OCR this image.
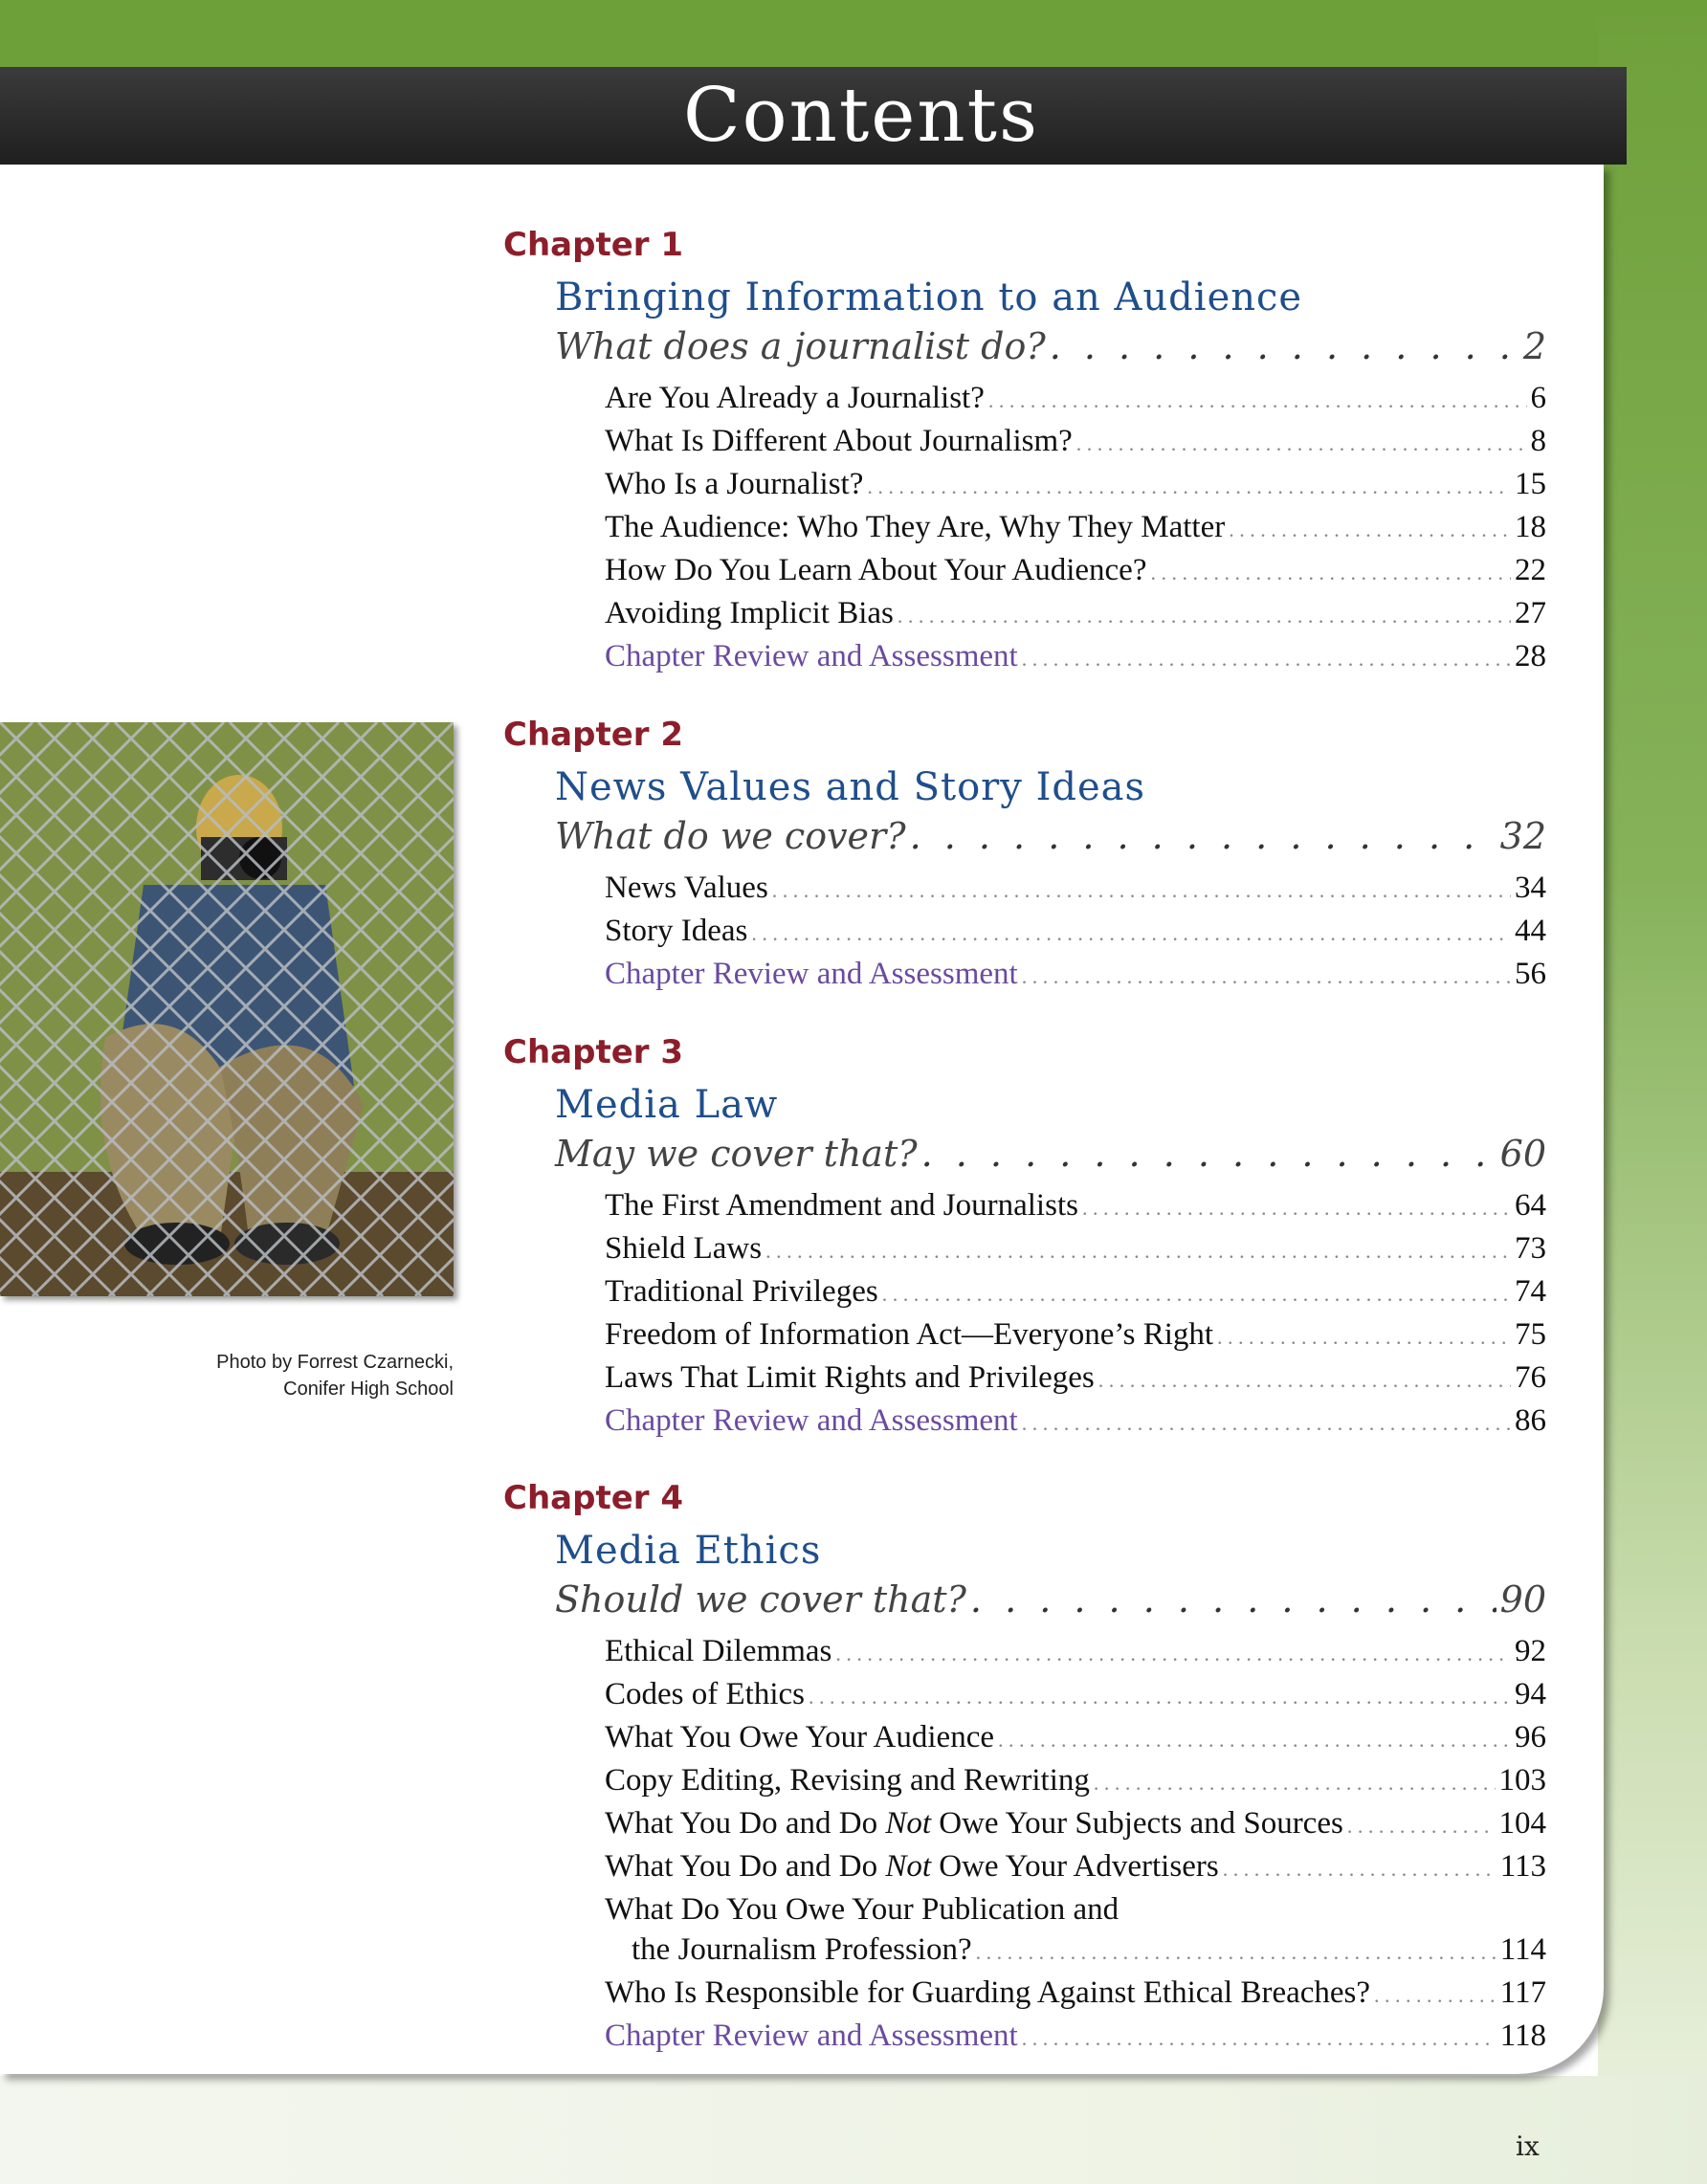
Contents
Photo by Forrest Czarnecki,
Conifer High School
Chapter 1
Bringing Information to an Audience
What does a journalist do? . . .	2
Are You Already a Journalist? . . .	6
What Is Different About Journalism? . . .	8
Who Is a Journalist? . . .	15
The Audience: Who They Are, Why They Matter . . .	18
How Do You Learn About Your Audience? . . .	22
Avoiding Implicit Bias . . .	27
Chapter Review and Assessment . . .	28
Chapter 2
News Values and Story Ideas
What do we cover? . . .	32
News Values . . .	34
Story Ideas . . .	44
Chapter Review and Assessment . . .	56
Chapter 3
Media Law
May we cover that? . . .	60
The First Amendment and Journalists . . .	64
Shield Laws . . .	73
Traditional Privileges . . .	74
Freedom of Information Act—Everyone’s Right . . .	75
Laws That Limit Rights and Privileges . . .	76
Chapter Review and Assessment . . .	86
Chapter 4
Media Ethics
Should we cover that? . . .	90
Ethical Dilemmas . . .	92
Codes of Ethics . . .	94
What You Owe Your Audience . . .	96
Copy Editing, Revising and Rewriting . . .	103
What You Do and Do Not Owe Your Subjects and Sources . . .	104
What You Do and Do Not Owe Your Advertisers . . .	113
What Do You Owe Your Publication and
the Journalism Profession? . . .	114
Who Is Responsible for Guarding Against Ethical Breaches? . . .	117
Chapter Review and Assessment . . .	118
ix
